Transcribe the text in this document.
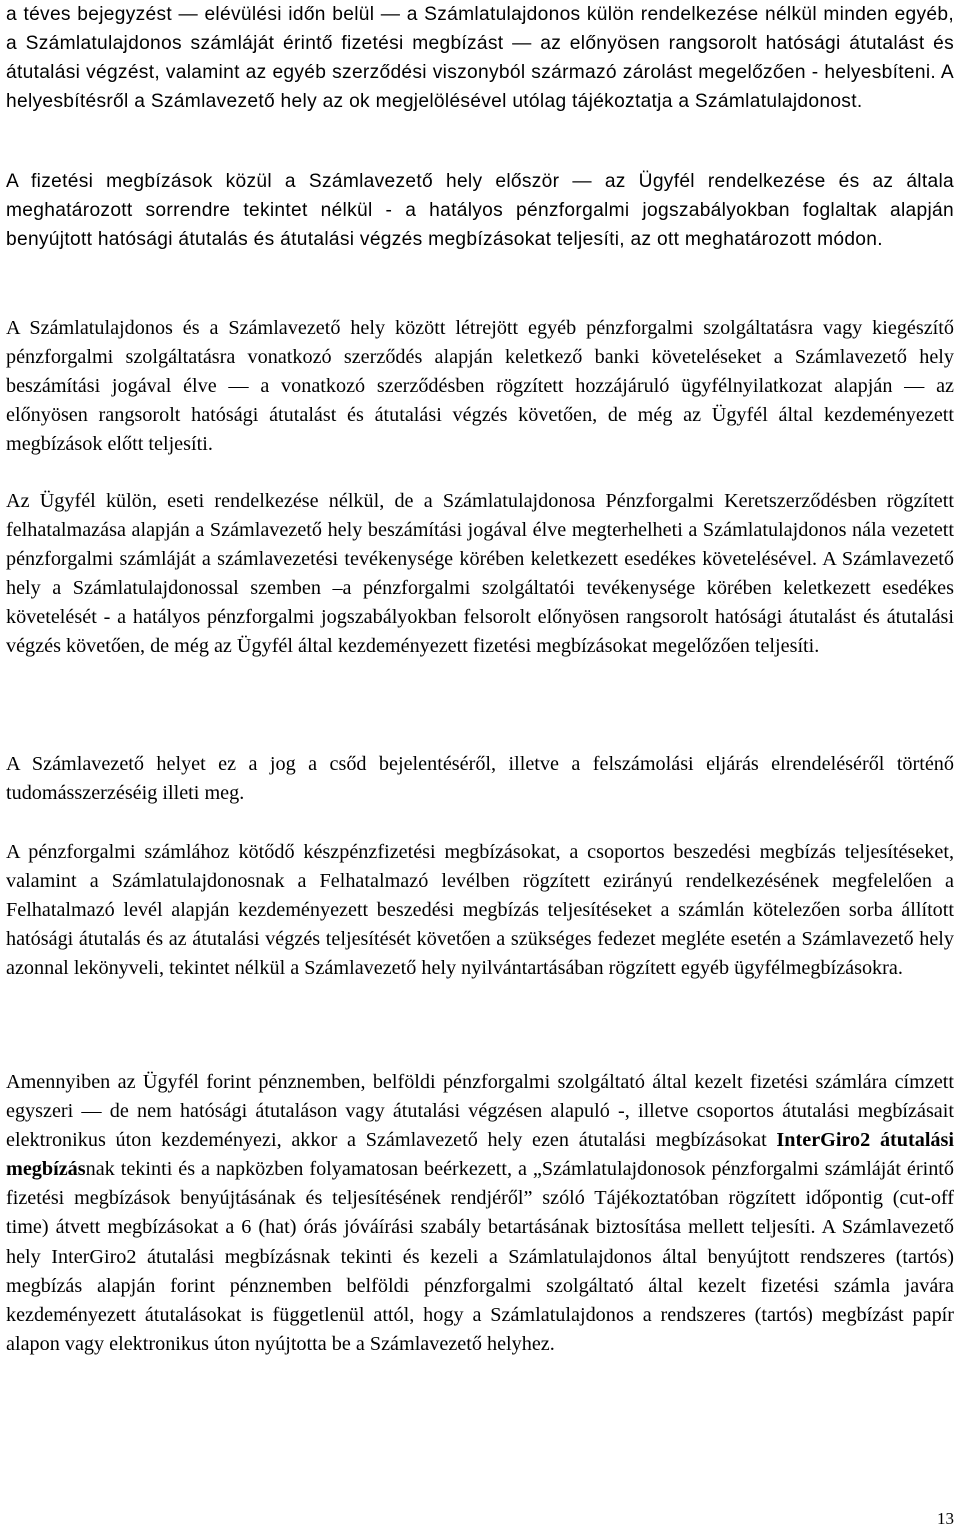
a téves bejegyzést — elévülési időn belül — a Számlatulajdonos külön rendelkezése nélkül minden egyéb, a Számlatulajdonos számláját érintő fizetési megbízást — az előnyösen rangsorolt hatósági átutalást és átutalási végzést, valamint az egyéb szerződési viszonyból származó zárolást megelőzően - helyesbíteni. A helyesbítésről a Számlavezető hely az ok megjelölésével utólag tájékoztatja a Számlatulajdonost.

A fizetési megbízások közül a Számlavezető hely először — az Ügyfél rendelkezése és az általa meghatározott sorrendre tekintet nélkül - a hatályos pénzforgalmi jogszabályokban foglaltak alapján benyújtott hatósági átutalás és átutalási végzés megbízásokat teljesíti, az ott meghatározott módon.

A Számlatulajdonos és a Számlavezető hely között létrejött egyéb pénzforgalmi szolgáltatásra vagy kiegészítő pénzforgalmi szolgáltatásra vonatkozó szerződés alapján keletkező banki követeléseket a Számlavezető hely beszámítási jogával élve — a vonatkozó szerződésben rögzített hozzájáruló ügyfélnyilatkozat alapján — az előnyösen rangsorolt hatósági átutalást és átutalási végzés követően, de még az Ügyfél által kezdeményezett megbízások előtt teljesíti.

Az Ügyfél külön, eseti rendelkezése nélkül, de a Számlatulajdonosa Pénzforgalmi Keretszerződésben rögzített felhatalmazása alapján a Számlavezető hely beszámítási jogával élve megterhelheti a Számlatulajdonos nála vezetett pénzforgalmi számláját a számlavezetési tevékenysége körében keletkezett esedékes követelésével. A Számlavezető hely a Számlatulajdonossal szemben –a pénzforgalmi szolgáltatói tevékenysége körében keletkezett esedékes követelését - a hatályos pénzforgalmi jogszabályokban felsorolt előnyösen rangsorolt hatósági átutalást és átutalási végzés követően, de még az Ügyfél által kezdeményezett fizetési megbízásokat megelőzően teljesíti.

A Számlavezető helyet ez a jog a csőd bejelentéséről, illetve a felszámolási eljárás elrendeléséről történő tudomásszerzéséig illeti meg.

A pénzforgalmi számlához kötődő készpénzfizetési megbízásokat, a csoportos beszedési megbízás teljesítéseket, valamint a Számlatulajdonosnak a Felhatalmazó levélben rögzített ezirányú rendelkezésének megfelelően a Felhatalmazó levél alapján kezdeményezett beszedési megbízás teljesítéseket a számlán kötelezően sorba állított hatósági átutalás és az átutalási végzés teljesítését követően a szükséges fedezet megléte esetén a Számlavezető hely azonnal lekönyveli, tekintet nélkül a Számlavezető hely nyilvántartásában rögzített egyéb ügyfélmegbízásokra.

Amennyiben az Ügyfél forint pénznemben, belföldi pénzforgalmi szolgáltató által kezelt fizetési számlára címzett egyszeri — de nem hatósági átutaláson vagy átutalási végzésen alapuló -, illetve csoportos átutalási megbízásait elektronikus úton kezdeményezi, akkor a Számlavezető hely ezen átutalási megbízásokat InterGiro2 átutalási megbízásnak tekinti és a napközben folyamatosan beérkezett, a „Számlatulajdonosok pénzforgalmi számláját érintő fizetési megbízások benyújtásának és teljesítésének rendjéről” szóló Tájékoztatóban rögzített időpontig (cut-off time) átvett megbízásokat a 6 (hat) órás jóváírási szabály betartásának biztosítása mellett teljesíti. A Számlavezető hely InterGiro2 átutalási megbízásnak tekinti és kezeli a Számlatulajdonos által benyújtott rendszeres (tartós) megbízás alapján forint pénznemben belföldi pénzforgalmi szolgáltató által kezelt fizetési számla javára kezdeményezett átutalásokat is függetlenül attól, hogy a Számlatulajdonos a rendszeres (tartós) megbízást papír alapon vagy elektronikus úton nyújtotta be a Számlavezető helyhez.

13
